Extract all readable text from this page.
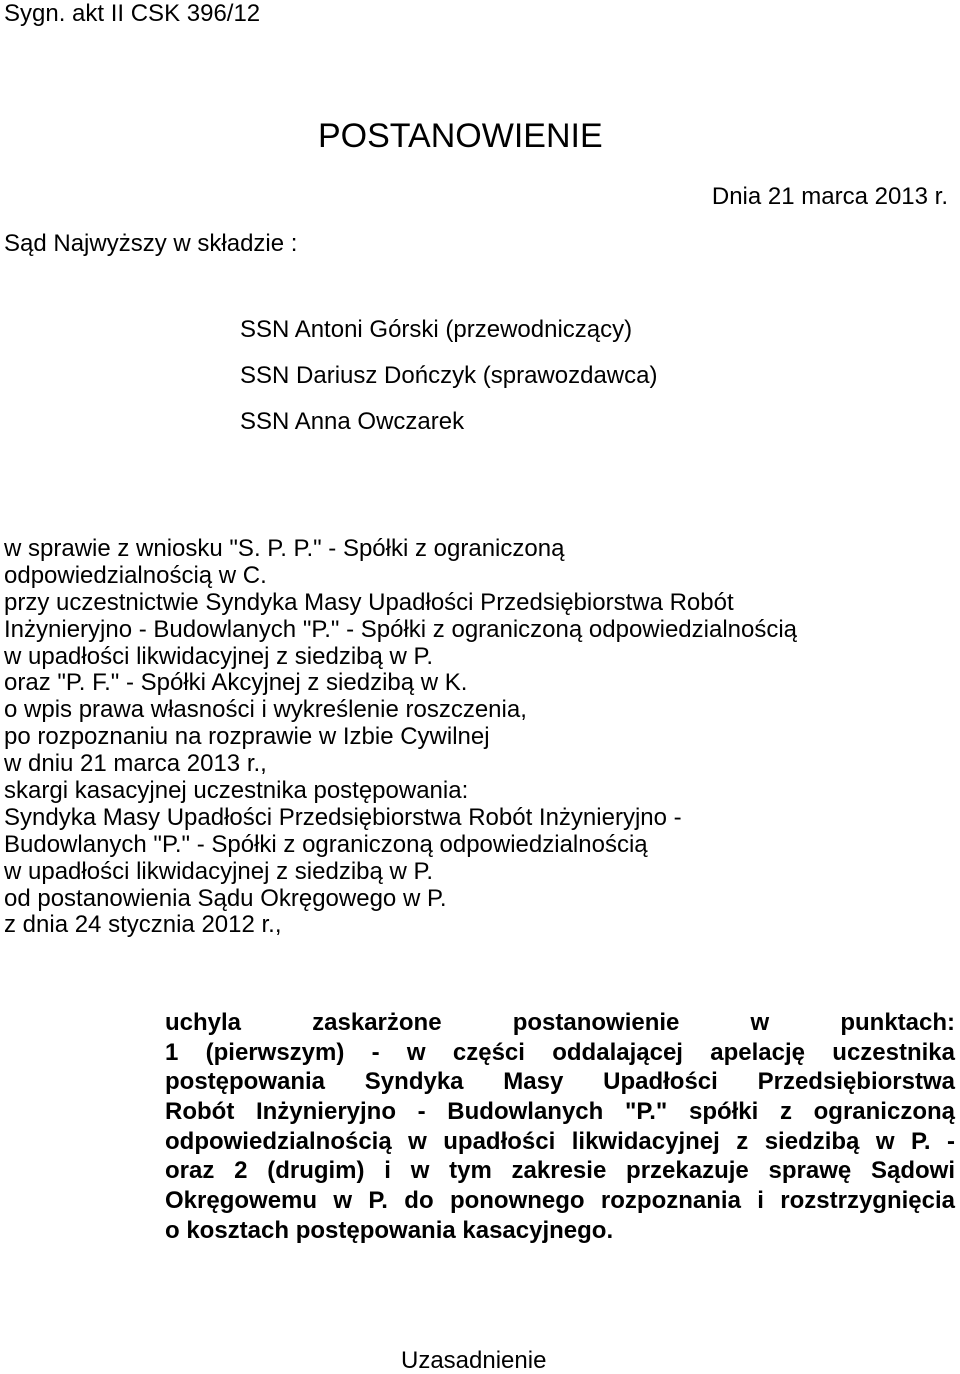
Sygn. akt II CSK 396/12
POSTANOWIENIE
Dnia 21 marca 2013 r.
Sąd Najwyższy w składzie :
SSN Antoni Górski (przewodniczący)
SSN Dariusz Dończyk (sprawozdawca)
SSN Anna Owczarek
w sprawie z wniosku "S. P. P." - Spółki z ograniczoną
odpowiedzialnością w C.
przy uczestnictwie Syndyka Masy Upadłości Przedsiębiorstwa Robót
Inżynieryjno - Budowlanych "P." - Spółki z ograniczoną odpowiedzialnością
w upadłości likwidacyjnej z siedzibą w P.
oraz "P. F." - Spółki Akcyjnej z siedzibą w K.
o wpis prawa własności i wykreślenie roszczenia,
po rozpoznaniu na rozprawie w Izbie Cywilnej
w dniu 21 marca 2013 r.,
skargi kasacyjnej uczestnika postępowania:
Syndyka Masy Upadłości Przedsiębiorstwa Robót Inżynieryjno -
Budowlanych "P." - Spółki z ograniczoną odpowiedzialnością
w upadłości likwidacyjnej z siedzibą w P.
od postanowienia Sądu Okręgowego w P.
z dnia 24 stycznia 2012 r.,
uchyla zaskarżone postanowienie w punktach:
1 (pierwszym) - w części oddalającej apelację uczestnika
postępowania Syndyka Masy Upadłości Przedsiębiorstwa
Robót Inżynieryjno - Budowlanych "P." spółki z ograniczoną
odpowiedzialnością w upadłości likwidacyjnej z siedzibą w P. -
oraz 2 (drugim) i w tym zakresie przekazuje sprawę Sądowi
Okręgowemu w P. do ponownego rozpoznania i rozstrzygnięcia
o kosztach postępowania kasacyjnego.
Uzasadnienie
